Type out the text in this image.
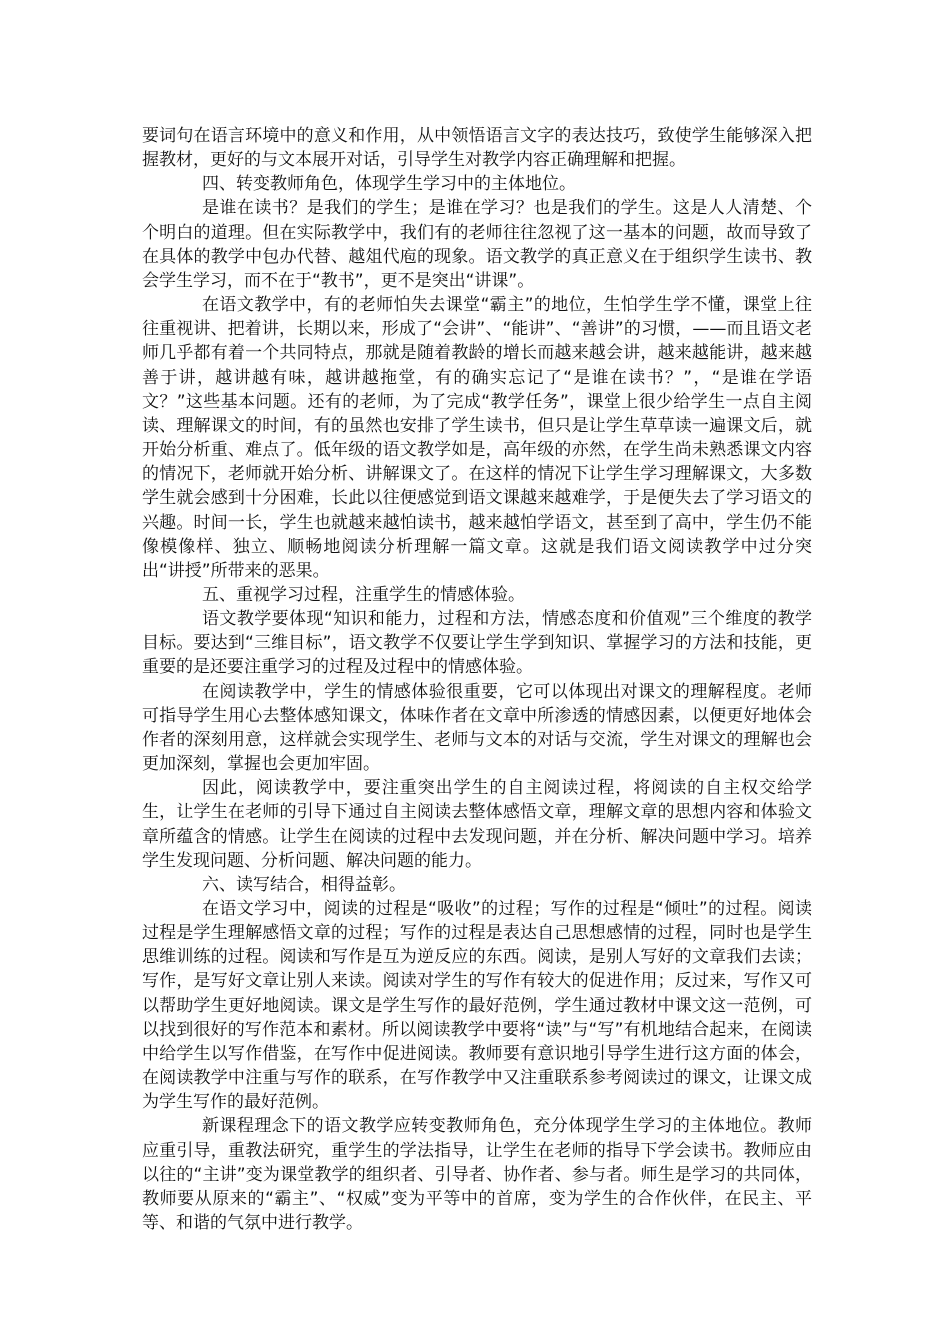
要词句在语言环境中的意义和作用，从中领悟语言文字的表达技巧，致使学生能够深入把握教材，更好的与文本展开对话，引导学生对教学内容正确理解和把握。

四、转变教师角色，体现学生学习中的主体地位。

是谁在读书？是我们的学生；是谁在学习？也是我们的学生。这是人人清楚、个个明白的道理。但在实际教学中，我们有的老师往往忽视了这一基本的问题，故而导致了在具体的教学中包办代替、越俎代庖的现象。语文教学的真正意义在于组织学生读书、教会学生学习，而不在于“教书”，更不是突出“讲课”。

在语文教学中，有的老师怕失去课堂“霸主”的地位，生怕学生学不懂，课堂上往往重视讲、把着讲，长期以来，形成了“会讲”、“能讲”、“善讲”的习惯，——而且语文老师几乎都有着一个共同特点，那就是随着教龄的增长而越来越会讲，越来越能讲，越来越善于讲，越讲越有味，越讲越拖堂，有的确实忘记了“是谁在读书？”，“是谁在学语文？”这些基本问题。还有的老师，为了完成“教学任务”，课堂上很少给学生一点自主阅读、理解课文的时间，有的虽然也安排了学生读书，但只是让学生草草读一遍课文后，就开始分析重、难点了。低年级的语文教学如是，高年级的亦然，在学生尚未熟悉课文内容的情况下，老师就开始分析、讲解课文了。在这样的情况下让学生学习理解课文，大多数学生就会感到十分困难，长此以往便感觉到语文课越来越难学，于是便失去了学习语文的兴趣。时间一长，学生也就越来越怕读书，越来越怕学语文，甚至到了高中，学生仍不能像模像样、独立、顺畅地阅读分析理解一篇文章。这就是我们语文阅读教学中过分突出“讲授”所带来的恶果。

五、重视学习过程，注重学生的情感体验。

语文教学要体现“知识和能力，过程和方法，情感态度和价值观”三个维度的教学目标。要达到“三维目标”，语文教学不仅要让学生学到知识、掌握学习的方法和技能，更重要的是还要注重学习的过程及过程中的情感体验。

在阅读教学中，学生的情感体验很重要，它可以体现出对课文的理解程度。老师可指导学生用心去整体感知课文，体味作者在文章中所渗透的情感因素，以便更好地体会作者的深刻用意，这样就会实现学生、老师与文本的对话与交流，学生对课文的理解也会更加深刻，掌握也会更加牢固。

因此，阅读教学中，要注重突出学生的自主阅读过程，将阅读的自主权交给学生，让学生在老师的引导下通过自主阅读去整体感悟文章，理解文章的思想内容和体验文章所蕴含的情感。让学生在阅读的过程中去发现问题，并在分析、解决问题中学习。培养学生发现问题、分析问题、解决问题的能力。

六、读写结合，相得益彰。

在语文学习中，阅读的过程是“吸收”的过程；写作的过程是“倾吐”的过程。阅读过程是学生理解感悟文章的过程；写作的过程是表达自己思想感情的过程，同时也是学生思维训练的过程。阅读和写作是互为逆反应的东西。阅读，是别人写好的文章我们去读；写作，是写好文章让别人来读。阅读对学生的写作有较大的促进作用；反过来，写作又可以帮助学生更好地阅读。课文是学生写作的最好范例，学生通过教材中课文这一范例，可以找到很好的写作范本和素材。所以阅读教学中要将“读”与“写”有机地结合起来，在阅读中给学生以写作借鉴，在写作中促进阅读。教师要有意识地引导学生进行这方面的体会，在阅读教学中注重与写作的联系，在写作教学中又注重联系参考阅读过的课文，让课文成为学生写作的最好范例。

新课程理念下的语文教学应转变教师角色，充分体现学生学习的主体地位。教师应重引导，重教法研究，重学生的学法指导，让学生在老师的指导下学会读书。教师应由以往的“主讲”变为课堂教学的组织者、引导者、协作者、参与者。师生是学习的共同体，教师要从原来的“霸主”、“权威”变为平等中的首席，变为学生的合作伙伴，在民主、平等、和谐的气氛中进行教学。
